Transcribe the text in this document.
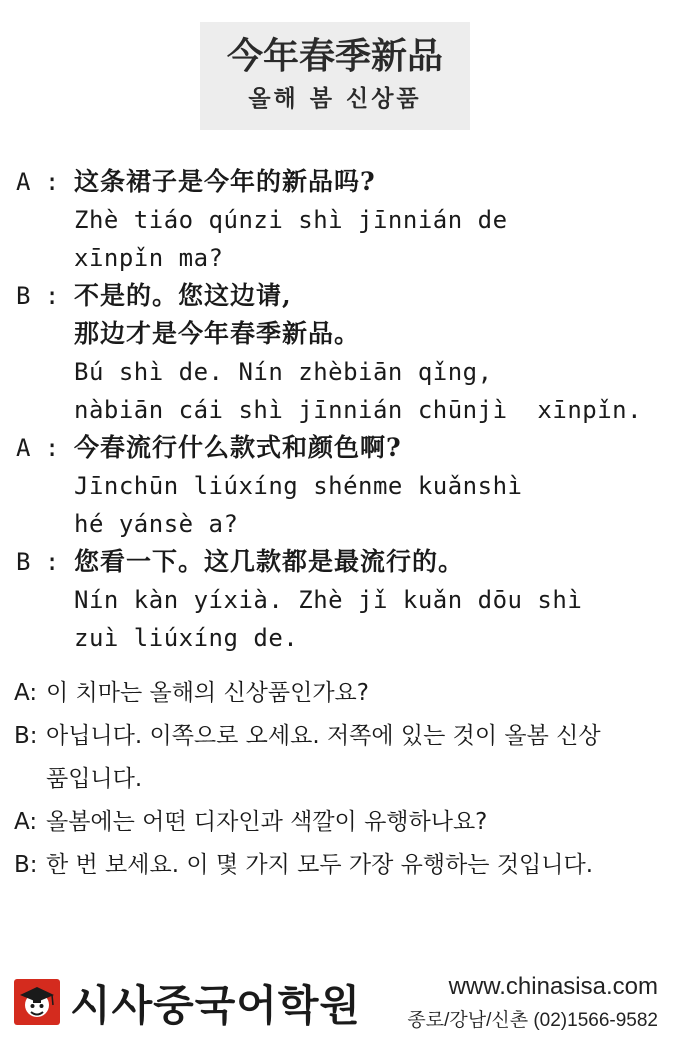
今年春季新品
올해 봄 신상품
A : 这条裙子是今年的新品吗?
Zhè tiáo qúnzi shì jīnnián de
xīnpǐn ma?
B : 不是的。您这边请,
那边才是今年春季新品。
Bú shì de. Nín zhèbiān qǐng,
nàbiān cái shì jīnnián chūnjì  xīnpǐn.
A : 今春流行什么款式和颜色啊?
Jīnchūn liúxíng shénme kuǎnshì
hé yánsè a?
B : 您看一下。这几款都是最流行的。
Nín kàn yíxià. Zhè jǐ kuǎn dōu shì
zuì liúxíng de.
A: 이 치마는 올해의 신상품인가요?
B: 아닙니다. 이쪽으로 오세요. 저쪽에 있는 것이 올봄 신상
품입니다.
A: 올봄에는 어떤 디자인과 색깔이 유행하나요?
B: 한 번 보세요. 이 몇 가지 모두 가장 유행하는 것입니다.
시사중국어학원	www.chinasisa.com
종로/강남/신촌 (02)1566-9582
